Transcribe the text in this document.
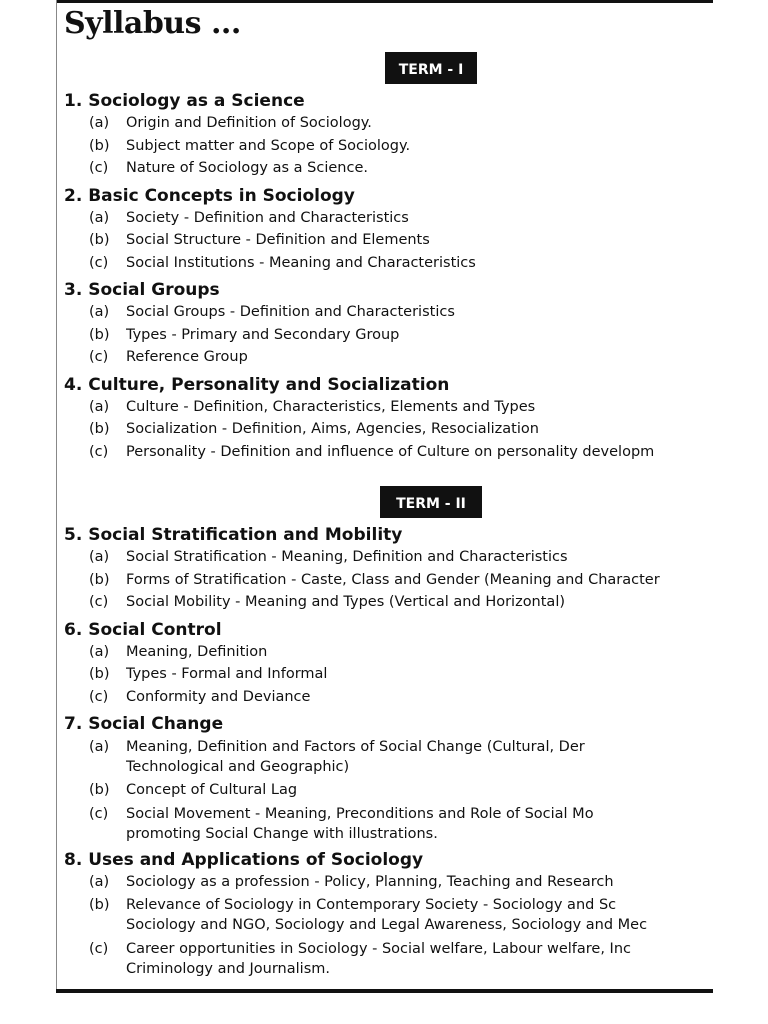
Syllabus ...
TERM - I
1. Sociology as a Science
(a)	Origin and Definition of Sociology.
(b)	Subject matter and Scope of Sociology.
(c)	Nature of Sociology as a Science.
2. Basic Concepts in Sociology
(a)	Society - Definition and Characteristics
(b)	Social Structure - Definition and Elements
(c)	Social Institutions - Meaning and Characteristics
3. Social Groups
(a)	Social Groups - Definition and Characteristics
(b)	Types - Primary and Secondary Group
(c)	Reference Group
4. Culture, Personality and Socialization
(a)	Culture - Definition, Characteristics, Elements and Types
(b)	Socialization - Definition, Aims, Agencies, Resocialization
(c)	Personality - Definition and influence of Culture on personality developm
TERM - II
5. Social Stratification and Mobility
(a)	Social Stratification - Meaning, Definition and Characteristics
(b)	Forms of Stratification - Caste, Class and Gender (Meaning and Character
(c)	Social Mobility - Meaning and Types (Vertical and Horizontal)
6. Social Control
(a)	Meaning, Definition
(b)	Types - Formal and Informal
(c)	Conformity and Deviance
7. Social Change
(a)	Meaning, Definition and Factors of Social Change (Cultural, Der
Technological and Geographic)
(b)	Concept of Cultural Lag
(c)	Social Movement - Meaning, Preconditions and Role of Social Mo
promoting Social Change with illustrations.
8. Uses and Applications of Sociology
(a)	Sociology as a profession - Policy, Planning, Teaching and Research
(b)	Relevance of Sociology in Contemporary Society - Sociology and Sc
Sociology and NGO, Sociology and Legal Awareness, Sociology and Mec
(c)	Career opportunities in Sociology - Social welfare, Labour welfare, Inc
Criminology and Journalism.
